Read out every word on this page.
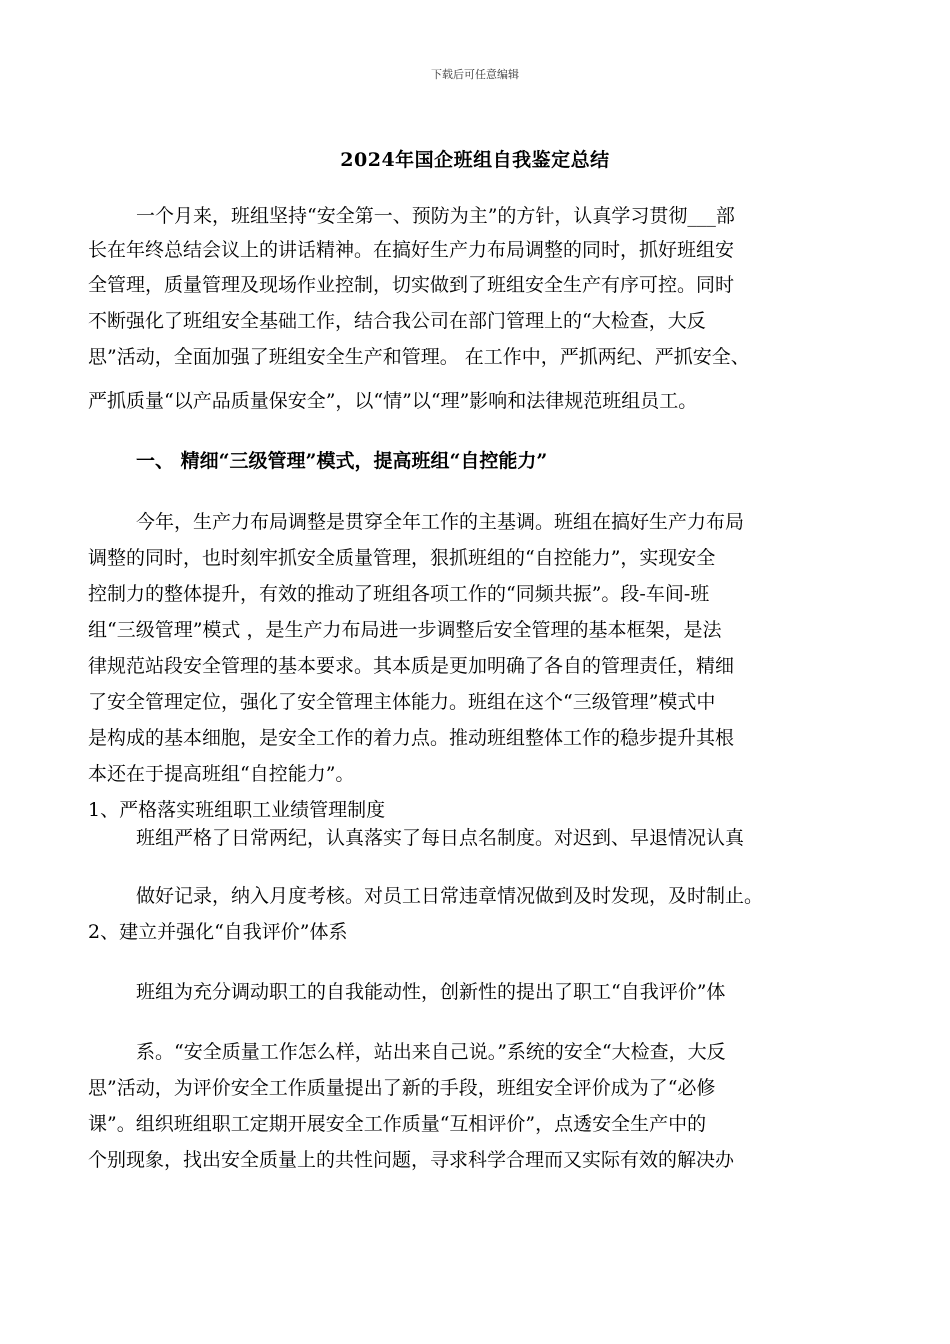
下载后可任意编辑
2024年国企班组自我鉴定总结
一个月来，班组坚持“安全第一、预防为主”的方针，认真学习贯彻___部
长在年终总结会议上的讲话精神。在搞好生产力布局调整的同时，抓好班组安
全管理，质量管理及现场作业控制，切实做到了班组安全生产有序可控。同时
不断强化了班组安全基础工作，结合我公司在部门管理上的“大检查，大反
思”活动，全面加强了班组安全生产和管理。 在工作中，严抓两纪、严抓安全、
严抓质量“以产品质量保安全”，以“情”以“理”影响和法律规范班组员工。
一、 精细“三级管理”模式，提高班组“自控能力”
今年，生产力布局调整是贯穿全年工作的主基调。班组在搞好生产力布局
调整的同时，也时刻牢抓安全质量管理，狠抓班组的“自控能力”，实现安全
控制力的整体提升，有效的推动了班组各项工作的“同频共振”。段-车间-班
组“三级管理”模式 ，是生产力布局进一步调整后安全管理的基本框架，是法
律规范站段安全管理的基本要求。其本质是更加明确了各自的管理责任，精细
了安全管理定位，强化了安全管理主体能力。班组在这个“三级管理”模式中
是构成的基本细胞，是安全工作的着力点。推动班组整体工作的稳步提升其根
本还在于提高班组“自控能力”。
1、严格落实班组职工业绩管理制度
班组严格了日常两纪，认真落实了每日点名制度。对迟到、早退情况认真
做好记录，纳入月度考核。对员工日常违章情况做到及时发现，及时制止。
2、建立并强化“自我评价”体系
班组为充分调动职工的自我能动性，创新性的提出了职工“自我评价”体
系。“安全质量工作怎么样，站出来自己说。”系统的安全“大检查，大反
思”活动，为评价安全工作质量提出了新的手段，班组安全评价成为了“必修
课”。组织班组职工定期开展安全工作质量“互相评价”，点透安全生产中的
个别现象，找出安全质量上的共性问题，寻求科学合理而又实际有效的解决办
